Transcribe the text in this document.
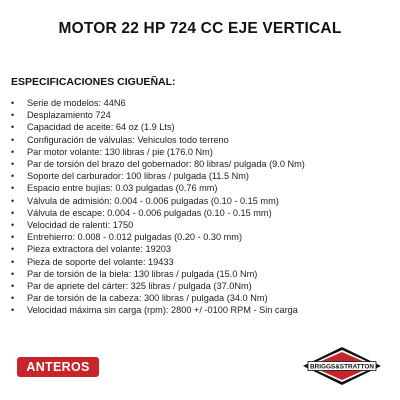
MOTOR 22 HP 724 CC EJE VERTICAL
ESPECIFICACIONES CIGUEÑAL:
•	Serie de modelos: 44N6
•	Desplazamiento 724
•	Capacidad de aceite: 64 oz (1.9 Lts)
•	Configuración de válvulas: Vehiculos todo terreno
•	Par motor volante: 130 libras / pie (176.0 Nm)
•	Par de torsión del brazo del gobernador: 80 libras/ pulgada (9.0 Nm)
•	Soporte del carburador: 100 libras / pulgada (11.5 Nm)
•	Espacio entre bujías: 0.03 pulgadas (0.76 mm)
•	Válvula de admisión: 0.004 - 0.006 pulgadas (0.10 - 0.15 mm)
•	Válvula de escape: 0.004 - 0.006 pulgadas (0.10 - 0.15 mm)
•	Velocidad de ralentí: 1750
•	Entrehierro: 0.008 - 0.012 pulgadas (0.20 - 0.30 mm)
•	Pieza extractora del volante: 19203
•	Pieza de soporte del volante: 19433
•	Par de torsión de la biela: 130 libras / pulgada (15.0 Nm)
•	Par de apriete del cárter: 325 libras / pulgada (37.0Nm)
•	Par de torsión de la cabeza: 300 libras / pulgada (34.0 Nm)
•	Velocidad máxima sin carga (rpm): 2800 +/ -0100 RPM - Sin carga
ANTEROS	BRIGGS&STRATTON
